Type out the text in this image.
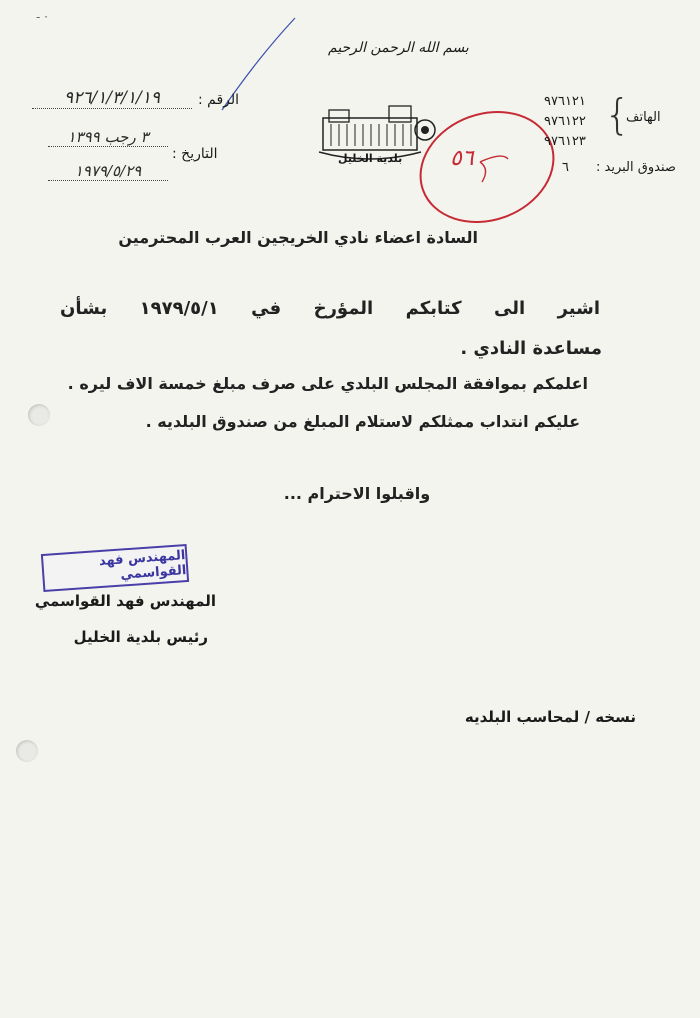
- ·
بسم الله الرحمن الرحيم
الرقم :
٩٢٦/١/٣/١/١٩
التاريخ :
٣ رجب ١٣٩٩
١٩٧٩/٥/٢٩
بلدية الخليل ٥٦
{
الهاتف
٩٧٦١٢١
٩٧٦١٢٢
٩٧٦١٢٣
صندوق البريد :
٦
السادة اعضاء نادي الخريجين العرب المحترمين
اشير الى كتابكم المؤرخ في ١٩٧٩/٥/١ بشأن
مساعدة النادي .
اعلمكم بموافقة المجلس البلدي على صرف مبلغ خمسة الاف ليره .
عليكم انتداب ممثلكم لاستلام المبلغ من صندوق البلديه .
واقبلوا الاحترام ...
المهندس فهد القواسمي
المهندس فهد القواسمي
رئيس بلدية الخليل
نسخه / لمحاسب البلديه
